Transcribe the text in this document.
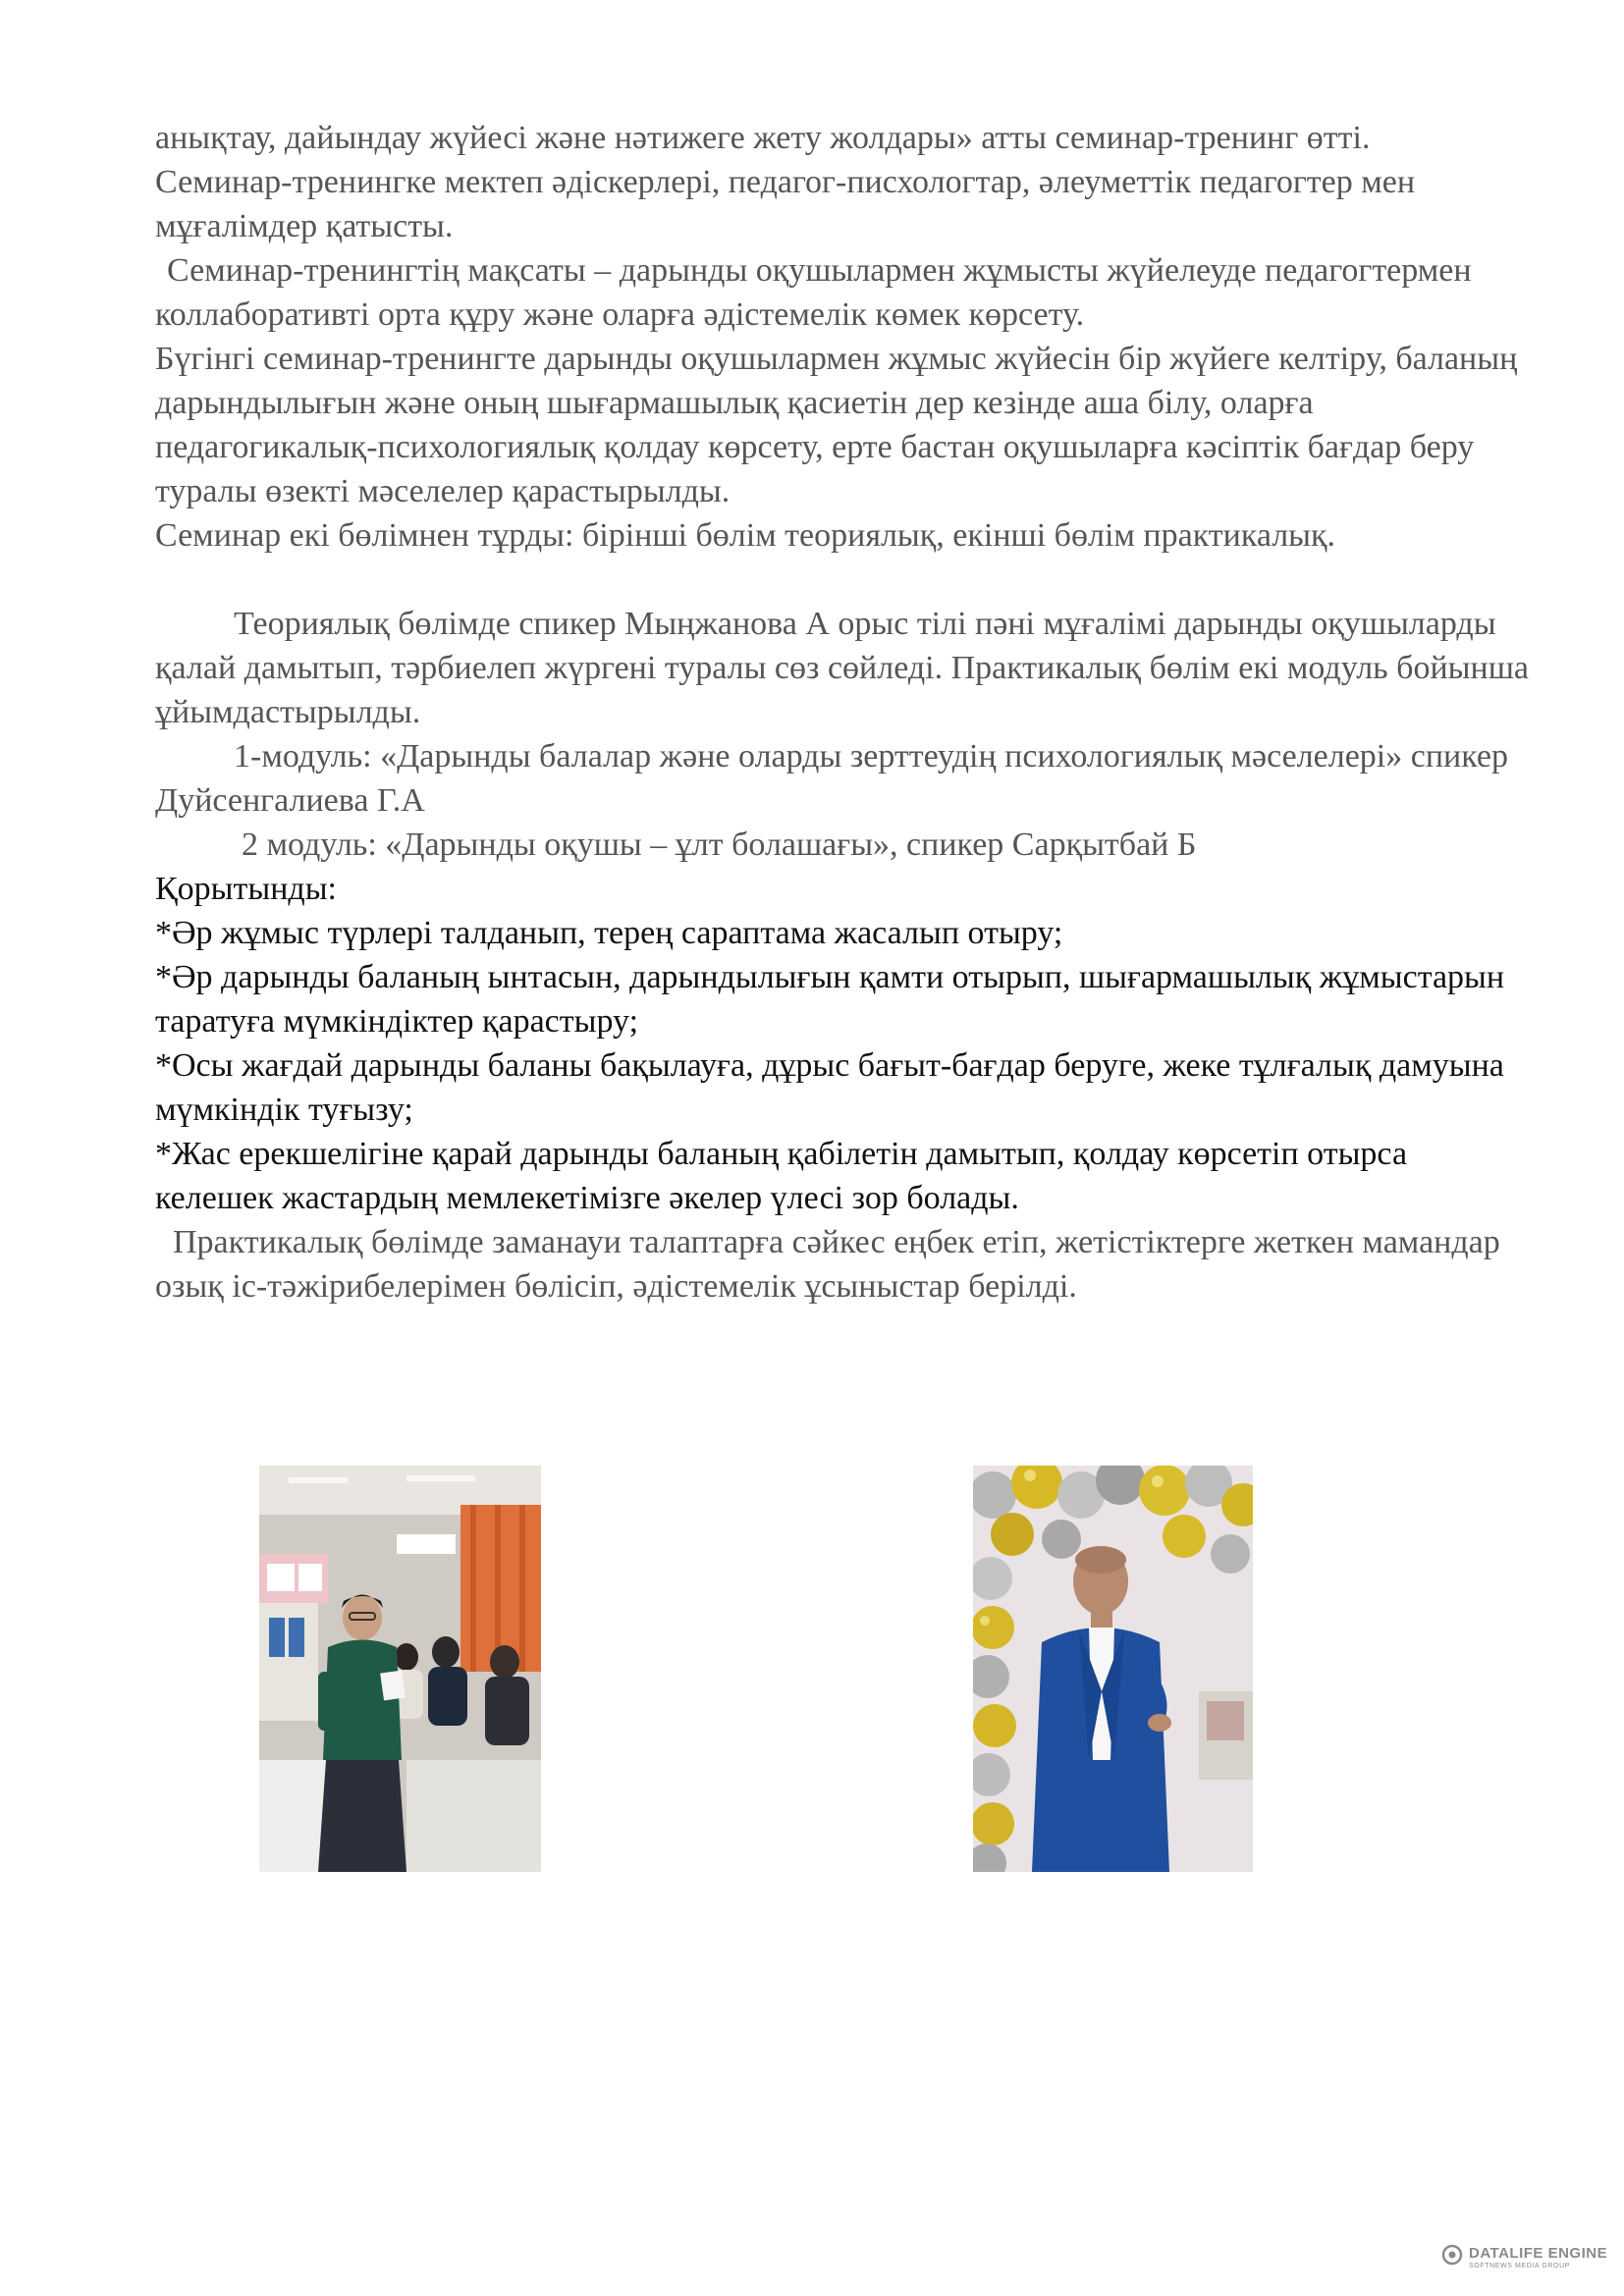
анықтау, дайындау жүйесі және нәтижеге жету жолдары» атты семинар-тренинг өтті.

Семинар-тренингке мектеп әдіскерлері, педагог-писхологтар, әлеуметтік педагогтер мен мұғалімдер қатысты.

Семинар-тренингтің мақсаты – дарынды оқушылармен жұмысты жүйелеуде педагогтермен коллаборативті орта құру және оларға әдістемелік көмек көрсету.

Бүгінгі семинар-тренингте дарынды оқушылармен жұмыс жүйесін бір жүйеге келтіру, баланың дарындылығын және оның шығармашылық қасиетін дер кезінде аша білу, оларға педагогикалық-психологиялық қолдау көрсету, ерте бастан оқушыларға кәсіптік бағдар беру туралы өзекті мәселелер қарастырылды.

Семинар екі бөлімнен тұрды: бірінші бөлім теориялық, екінші бөлім практикалық.

Теориялық бөлімде спикер Мыңжанова А орыс тілі пәні мұғалімі дарынды оқушыларды қалай дамытып, тәрбиелеп жүргені туралы сөз сөйледі. Практикалық бөлім екі модуль бойынша ұйымдастырылды.

1-модуль: «Дарынды балалар және оларды зерттеудің психологиялық мәселелері» спикер Дуйсенгалиева Г.А

2 модуль: «Дарынды оқушы – ұлт болашағы», спикер Сарқытбай Б

Қорытынды:

*Әр жұмыс түрлері талданып, терең сараптама жасалып отыру;

*Әр дарынды баланың ынтасын, дарындылығын қамти отырып, шығармашылық жұмыстарын таратуға мүмкіндіктер қарастыру;

*Осы жағдай дарынды баланы бақылауға, дұрыс бағыт-бағдар беруге, жеке тұлғалық дамуына мүмкіндік туғызу;

*Жас ерекшелігіне қарай дарынды баланың қабілетін дамытып, қолдау көрсетіп отырса келешек жастардың мемлекетімізге әкелер үлесі зор болады.

Практикалық бөлімде заманауи талаптарға сәйкес еңбек етіп, жетістіктерге жеткен мамандар озық іс-тәжірибелерімен бөлісіп, әдістемелік ұсыныстар берілді.

DATALIFE ENGINE
SOFTNEWS MEDIA GROUP
